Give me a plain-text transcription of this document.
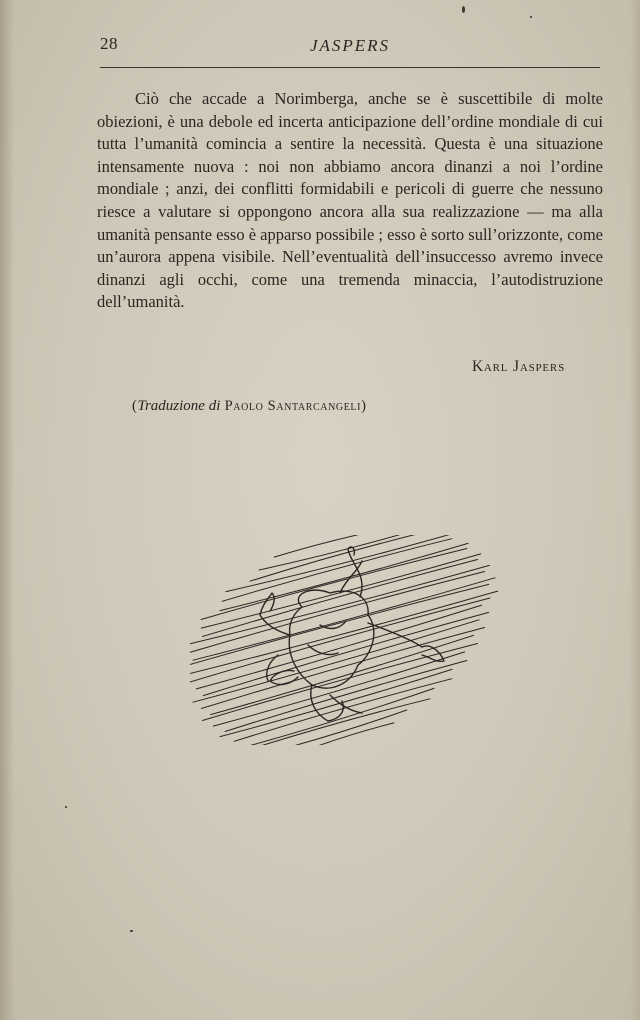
28	JASPERS

Ciò che accade a Norimberga, anche se è suscettibile di molte obiezioni, è una debole ed incerta anticipazione dell’ordine mondiale di cui tutta l’umanità comincia a sentire la necessità. Questa è una situazione intensamente nuova : noi non abbiamo ancora dinanzi a noi l’ordine mondiale ; anzi, dei conflitti formidabili e pericoli di guerre che nessuno riesce a valutare si oppongono ancora alla sua realizzazione — ma alla umanità pensante esso è apparso possibile ; esso è sorto sull’orizzonte, come un’aurora appena visibile. Nell’eventualità dell’insuccesso avremo invece dinanzi agli occhi, come una tremenda minaccia, l’autodistruzione dell’umanità.

Karl Jaspers
(Traduzione di Paolo Santarcangeli)
